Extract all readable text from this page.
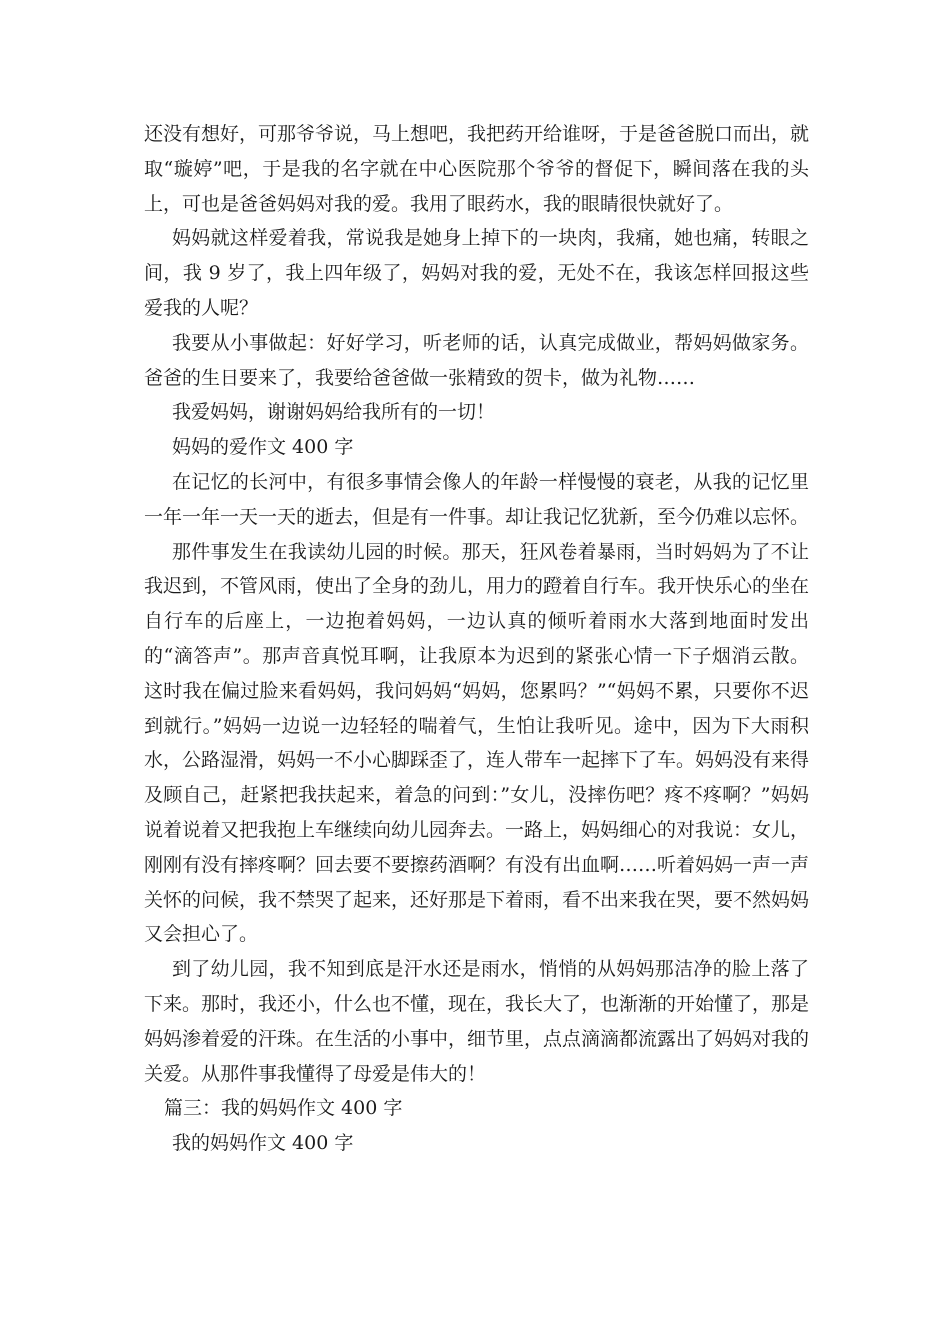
还没有想好，可那爷爷说，马上想吧，我把药开给谁呀，于是爸爸脱口而出，就取“璇婷”吧，于是我的名字就在中心医院那个爷爷的督促下，瞬间落在我的头上，可也是爸爸妈妈对我的爱。我用了眼药水，我的眼睛很快就好了。

妈妈就这样爱着我，常说我是她身上掉下的一块肉，我痛，她也痛，转眼之间，我 9 岁了，我上四年级了，妈妈对我的爱，无处不在，我该怎样回报这些爱我的人呢？

我要从小事做起：好好学习，听老师的话，认真完成做业，帮妈妈做家务。爸爸的生日要来了，我要给爸爸做一张精致的贺卡，做为礼物……

我爱妈妈，谢谢妈妈给我所有的一切！

妈妈的爱作文 400 字

在记忆的长河中，有很多事情会像人的年龄一样慢慢的衰老，从我的记忆里一年一年一天一天的逝去，但是有一件事。却让我记忆犹新，至今仍难以忘怀。

那件事发生在我读幼儿园的时候。那天，狂风卷着暴雨，当时妈妈为了不让我迟到，不管风雨，使出了全身的劲儿，用力的蹬着自行车。我开快乐心的坐在自行车的后座上，一边抱着妈妈，一边认真的倾听着雨水大落到地面时发出的“滴答声”。那声音真悦耳啊，让我原本为迟到的紧张心情一下子烟消云散。这时我在偏过脸来看妈妈，我问妈妈“妈妈，您累吗？”“妈妈不累，只要你不迟到就行。”妈妈一边说一边轻轻的喘着气，生怕让我听见。途中，因为下大雨积水，公路湿滑，妈妈一不小心脚踩歪了，连人带车一起摔下了车。妈妈没有来得及顾自己，赶紧把我扶起来，着急的问到：”女儿，没摔伤吧？疼不疼啊？”妈妈说着说着又把我抱上车继续向幼儿园奔去。一路上，妈妈细心的对我说：女儿，刚刚有没有摔疼啊？回去要不要擦药酒啊？有没有出血啊……听着妈妈一声一声关怀的问候，我不禁哭了起来，还好那是下着雨，看不出来我在哭，要不然妈妈又会担心了。

到了幼儿园，我不知到底是汗水还是雨水，悄悄的从妈妈那洁净的脸上落了下来。那时，我还小，什么也不懂，现在，我长大了，也渐渐的开始懂了，那是妈妈渗着爱的汗珠。在生活的小事中，细节里，点点滴滴都流露出了妈妈对我的关爱。从那件事我懂得了母爱是伟大的！

篇三：我的妈妈作文 400 字

我的妈妈作文 400 字
